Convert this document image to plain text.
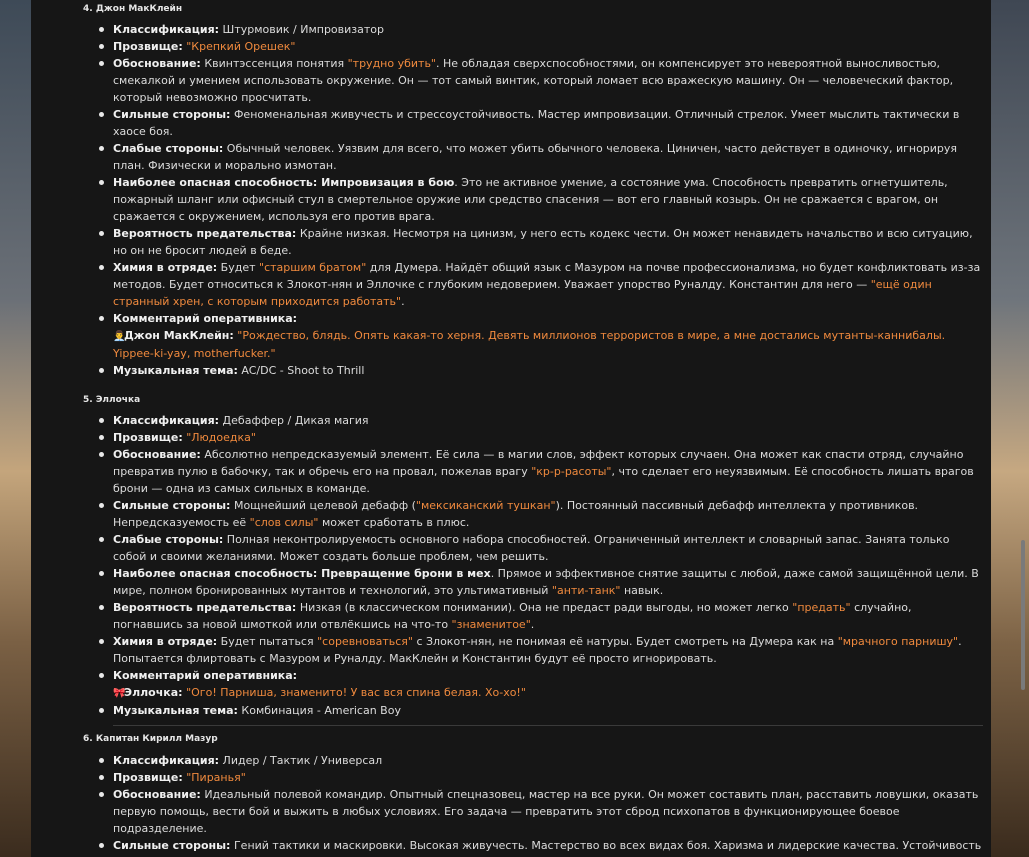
4. Джон МакКлейн
Классификация: Штурмовик / Импровизатор
Прозвище: "Крепкий Орешек"
Обоснование: Квинтэссенция понятия "трудно убить". Не обладая сверхспособностями, он компенсирует это невероятной выносливостью, смекалкой и умением использовать окружение. Он — тот самый винтик, который ломает всю вражескую машину. Он — человеческий фактор, который невозможно просчитать.
Сильные стороны: Феноменальная живучесть и стрессоустойчивость. Мастер импровизации. Отличный стрелок. Умеет мыслить тактически в хаосе боя.
Слабые стороны: Обычный человек. Уязвим для всего, что может убить обычного человека. Циничен, часто действует в одиночку, игнорируя план. Физически и морально измотан.
Наиболее опасная способность: Импровизация в бою. Это не активное умение, а состояние ума. Способность превратить огнетушитель, пожарный шланг или офисный стул в смертельное оружие или средство спасения — вот его главный козырь. Он не сражается с врагом, он сражается с окружением, используя его против врага.
Вероятность предательства: Крайне низкая. Несмотря на цинизм, у него есть кодекс чести. Он может ненавидеть начальство и всю ситуацию, но он не бросит людей в беде.
Химия в отряде: Будет "старшим братом" для Думера. Найдёт общий язык с Мазуром на почве профессионализма, но будет конфликтовать из-за методов. Будет относиться к Злокот-нян и Эллочке с глубоким недоверием. Уважает упорство Руналду. Константин для него — "ещё один странный хрен, с которым приходится работать".
Комментарий оперативника:
👨‍💼Джон МакКлейн: "Рождество, блядь. Опять какая-то херня. Девять миллионов террористов в мире, а мне достались мутанты-каннибалы. Yippee-ki-yay, motherfucker."
Музыкальная тема: AC/DC - Shoot to Thrill
5. Эллочка
Классификация: Дебаффер / Дикая магия
Прозвище: "Людоедка"
Обоснование: Абсолютно непредсказуемый элемент. Её сила — в магии слов, эффект которых случаен. Она может как спасти отряд, случайно превратив пулю в бабочку, так и обречь его на провал, пожелав врагу "кр-р-расоты", что сделает его неуязвимым. Её способность лишать врагов брони — одна из самых сильных в команде.
Сильные стороны: Мощнейший целевой дебафф ("мексиканский тушкан"). Постоянный пассивный дебафф интеллекта у противников. Непредсказуемость её "слов силы" может сработать в плюс.
Слабые стороны: Полная неконтролируемость основного набора способностей. Ограниченный интеллект и словарный запас. Занята только собой и своими желаниями. Может создать больше проблем, чем решить.
Наиболее опасная способность: Превращение брони в мех. Прямое и эффективное снятие защиты с любой, даже самой защищённой цели. В мире, полном бронированных мутантов и технологий, это ультимативный "анти-танк" навык.
Вероятность предательства: Низкая (в классическом понимании). Она не предаст ради выгоды, но может легко "предать" случайно, погнавшись за новой шмоткой или отвлёкшись на что-то "знаменитое".
Химия в отряде: Будет пытаться "соревноваться" с Злокот-нян, не понимая её натуры. Будет смотреть на Думера как на "мрачного парнишу". Попытается флиртовать с Мазуром и Руналду. МакКлейн и Константин будут её просто игнорировать.
Комментарий оперативника:
🎀Эллочка: "Ого! Парниша, знаменито! У вас вся спина белая. Хо-хо!"
Музыкальная тема: Комбинация - American Boy
6. Капитан Кирилл Мазур
Классификация: Лидер / Тактик / Универсал
Прозвище: "Пиранья"
Обоснование: Идеальный полевой командир. Опытный спецназовец, мастер на все руки. Он может составить план, расставить ловушки, оказать первую помощь, вести бой и выжить в любых условиях. Его задача — превратить этот сброд психопатов в функционирующее боевое подразделение.
Сильные стороны: Гений тактики и маскировки. Высокая живучесть. Мастерство во всех видах боя. Харизма и лидерские качества. Устойчивость
